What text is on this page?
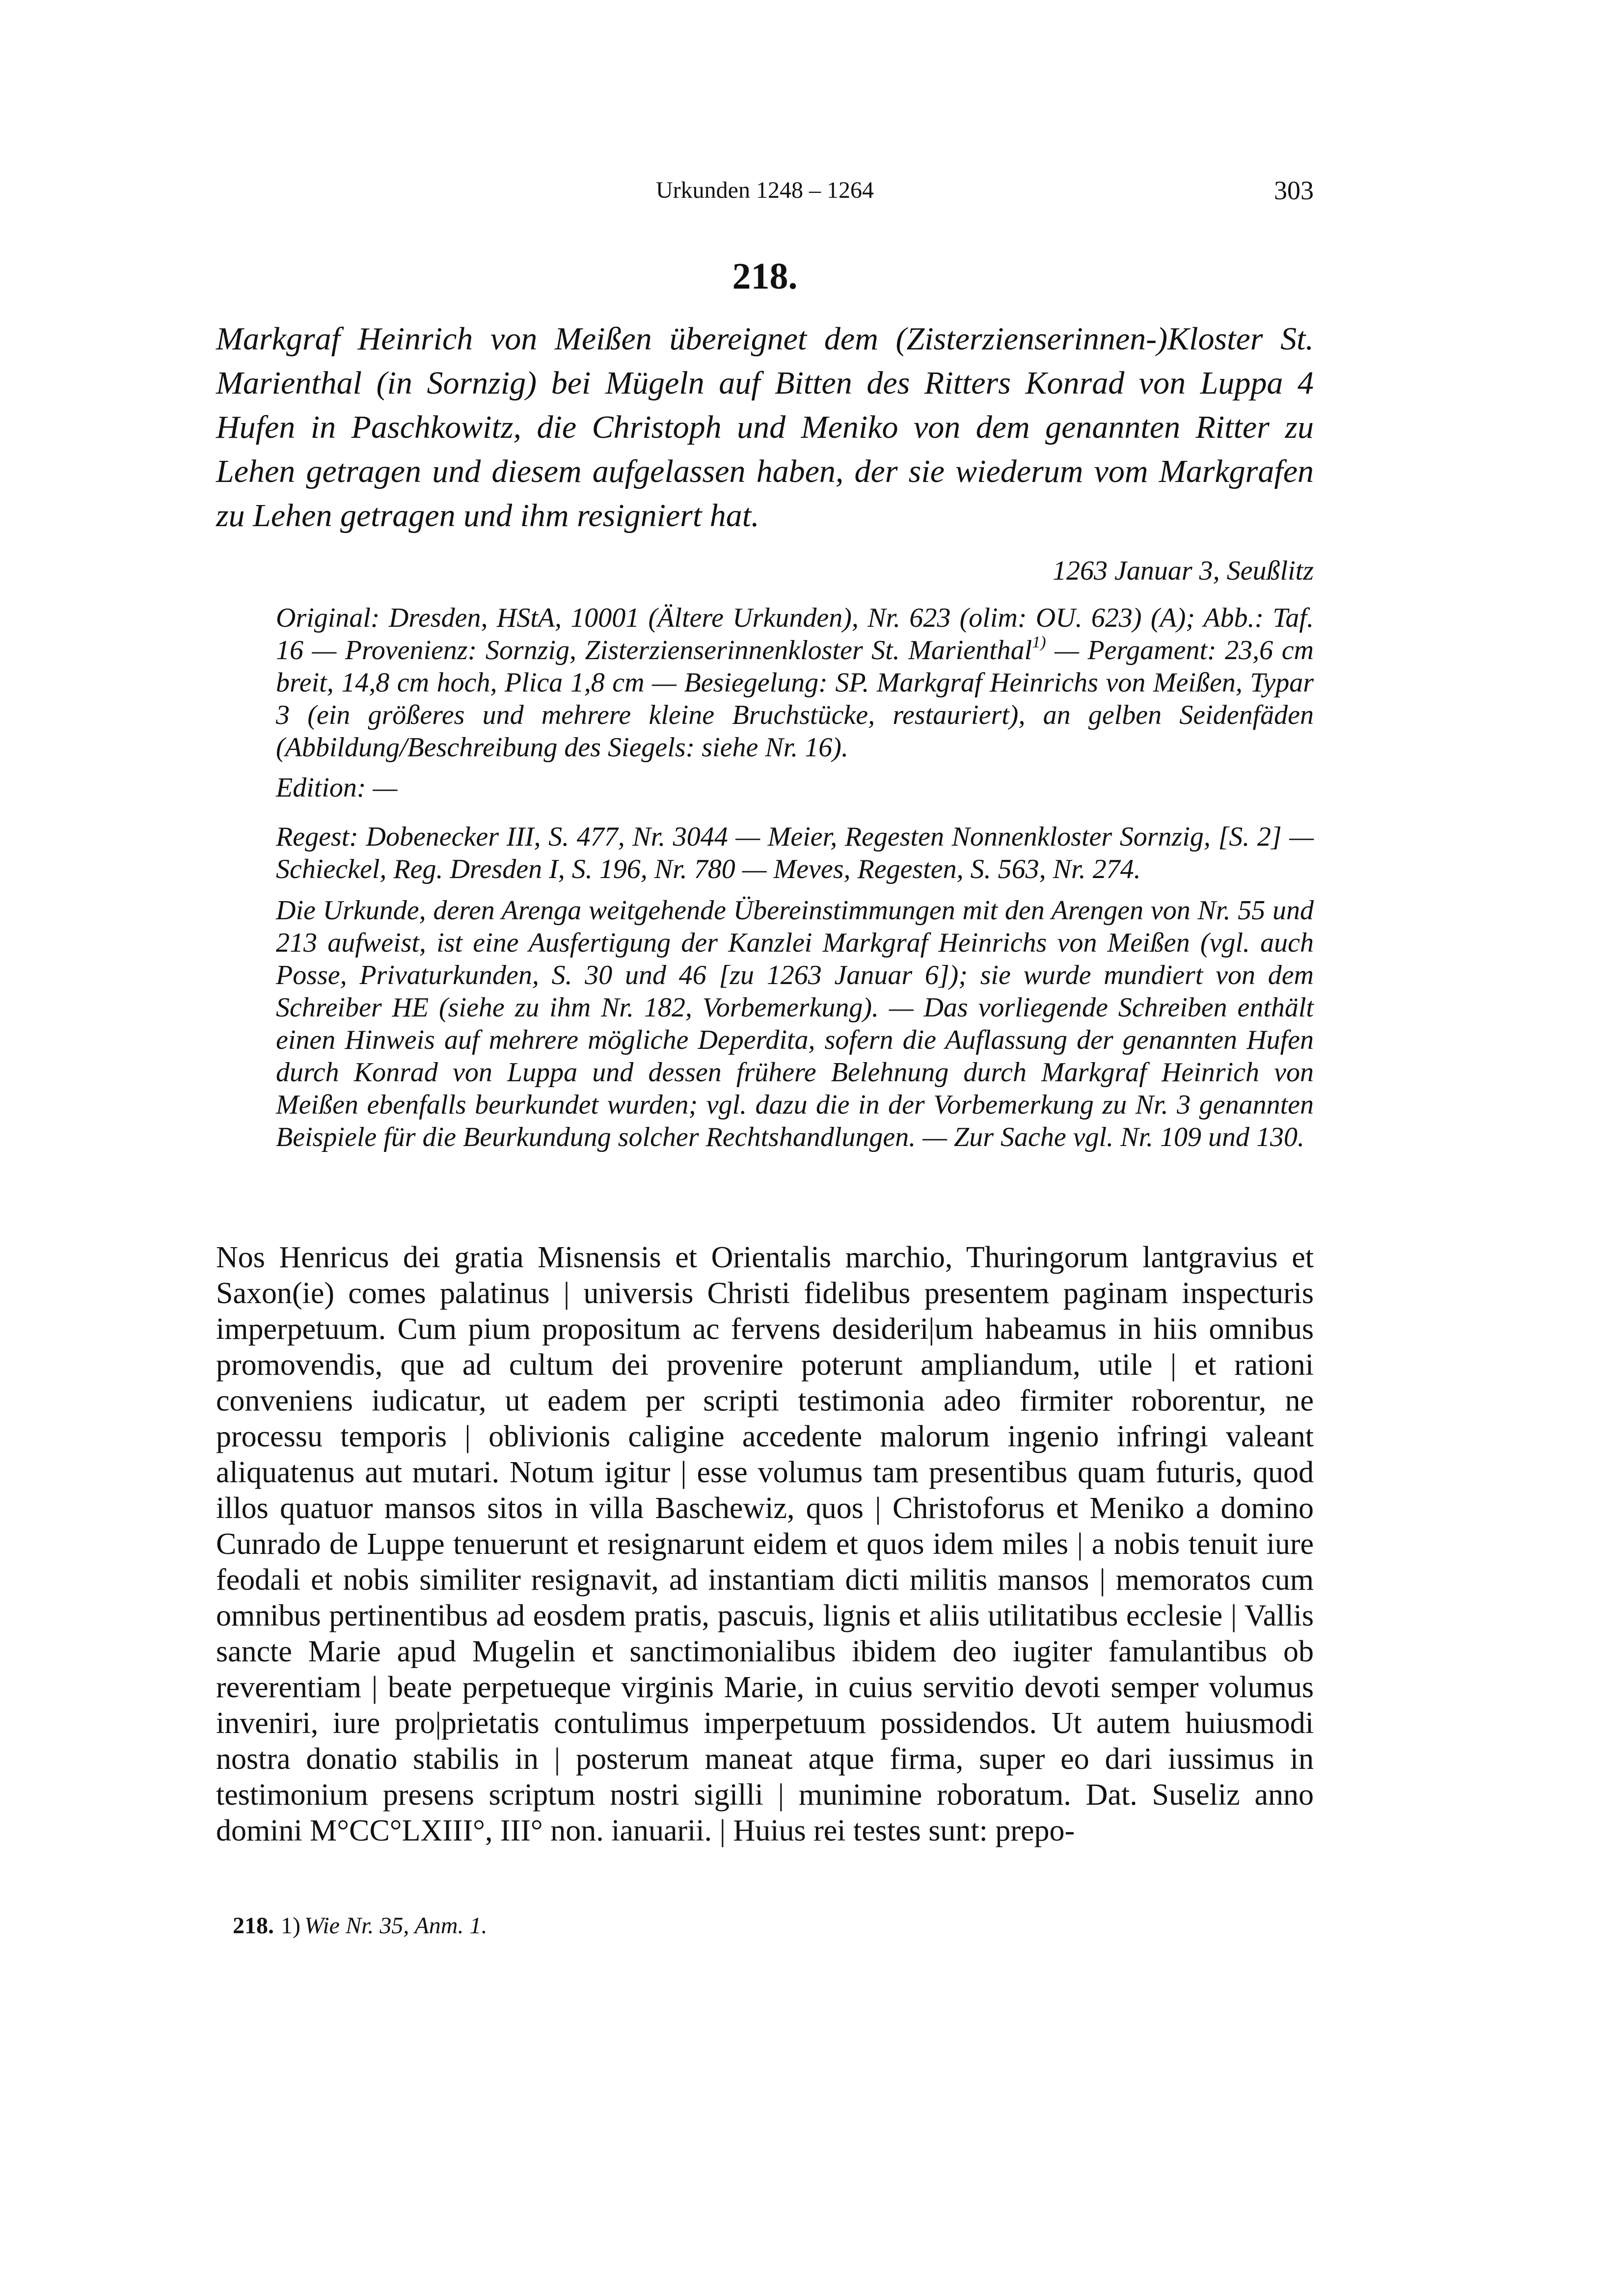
Urkunden 1248 – 1264	303
218.
Markgraf Heinrich von Meißen übereignet dem (Zisterzienserinnen-)Kloster St. Marienthal (in Sornzig) bei Mügeln auf Bitten des Ritters Konrad von Luppa 4 Hufen in Paschkowitz, die Christoph und Meniko von dem genannten Ritter zu Lehen getragen und diesem aufgelassen haben, der sie wiederum vom Markgrafen zu Lehen getragen und ihm resigniert hat.
1263 Januar 3, Seußlitz

Original: Dresden, HStA, 10001 (Ältere Urkunden), Nr. 623 (olim: OU. 623) (A); Abb.: Taf. 16 — Provenienz: Sornzig, Zisterzienserinnenkloster St. Marienthal$^{1)}$ — Pergament: 23,6 cm breit, 14,8 cm hoch, Plica 1,8 cm — Besiegelung: SP. Markgraf Heinrichs von Meißen, Typar 3 (ein größeres und mehrere kleine Bruchstücke, restauriert), an gelben Seidenfäden (Abbildung/Beschreibung des Siegels: siehe Nr. 16).

Edition: —

Regest: Dobenecker III, S. 477, Nr. 3044 — Meier, Regesten Nonnenkloster Sornzig, [S. 2] — Schieckel, Reg. Dresden I, S. 196, Nr. 780 — Meves, Regesten, S. 563, Nr. 274.

Die Urkunde, deren Arenga weitgehende Übereinstimmungen mit den Arengen von Nr. 55 und 213 aufweist, ist eine Ausfertigung der Kanzlei Markgraf Heinrichs von Meißen (vgl. auch Posse, Privaturkunden, S. 30 und 46 [zu 1263 Januar 6]); sie wurde mundiert von dem Schreiber HE (siehe zu ihm Nr. 182, Vorbemerkung). — Das vorliegende Schreiben enthält einen Hinweis auf mehrere mögliche Deperdita, sofern die Auflassung der genannten Hufen durch Konrad von Luppa und dessen frühere Belehnung durch Markgraf Heinrich von Meißen ebenfalls beurkundet wurden; vgl. dazu die in der Vorbemerkung zu Nr. 3 genannten Beispiele für die Beurkundung solcher Rechtshandlungen. — Zur Sache vgl. Nr. 109 und 130.

Nos Henricus dei gratia Misnensis et Orientalis marchio, Thuringorum lantgravius et Saxon(ie) comes palatinus | universis Christi fidelibus presentem paginam inspecturis imperpetuum. Cum pium propositum ac fervens desideri|um habeamus in hiis omnibus promovendis, que ad cultum dei provenire poterunt ampliandum, utile | et rationi conveniens iudicatur, ut eadem per scripti testimonia adeo firmiter roborentur, ne processu temporis | oblivionis caligine accedente malorum ingenio infringi valeant aliquatenus aut mutari. Notum igitur | esse volumus tam presentibus quam futuris, quod illos quatuor mansos sitos in villa Baschewiz, quos | Christoforus et Meniko a domino Cunrado de Luppe tenuerunt et resignarunt eidem et quos idem miles | a nobis tenuit iure feodali et nobis similiter resignavit, ad instantiam dicti militis mansos | memoratos cum omnibus pertinentibus ad eosdem pratis, pascuis, lignis et aliis utilitatibus ecclesie | Vallis sancte Marie apud Mugelin et sanctimonialibus ibidem deo iugiter famulantibus ob reverentiam | beate perpetueque virginis Marie, in cuius servitio devoti semper volumus inveniri, iure pro|prietatis contulimus imperpetuum possidendos. Ut autem huiusmodi nostra donatio stabilis in | posterum maneat atque firma, super eo dari iussimus in testimonium presens scriptum nostri sigilli | munimine roboratum. Dat. Suseliz anno domini M°CC°LXIII°, III° non. ianuarii. | Huius rei testes sunt: prepo-

218. 1) Wie Nr. 35, Anm. 1.
